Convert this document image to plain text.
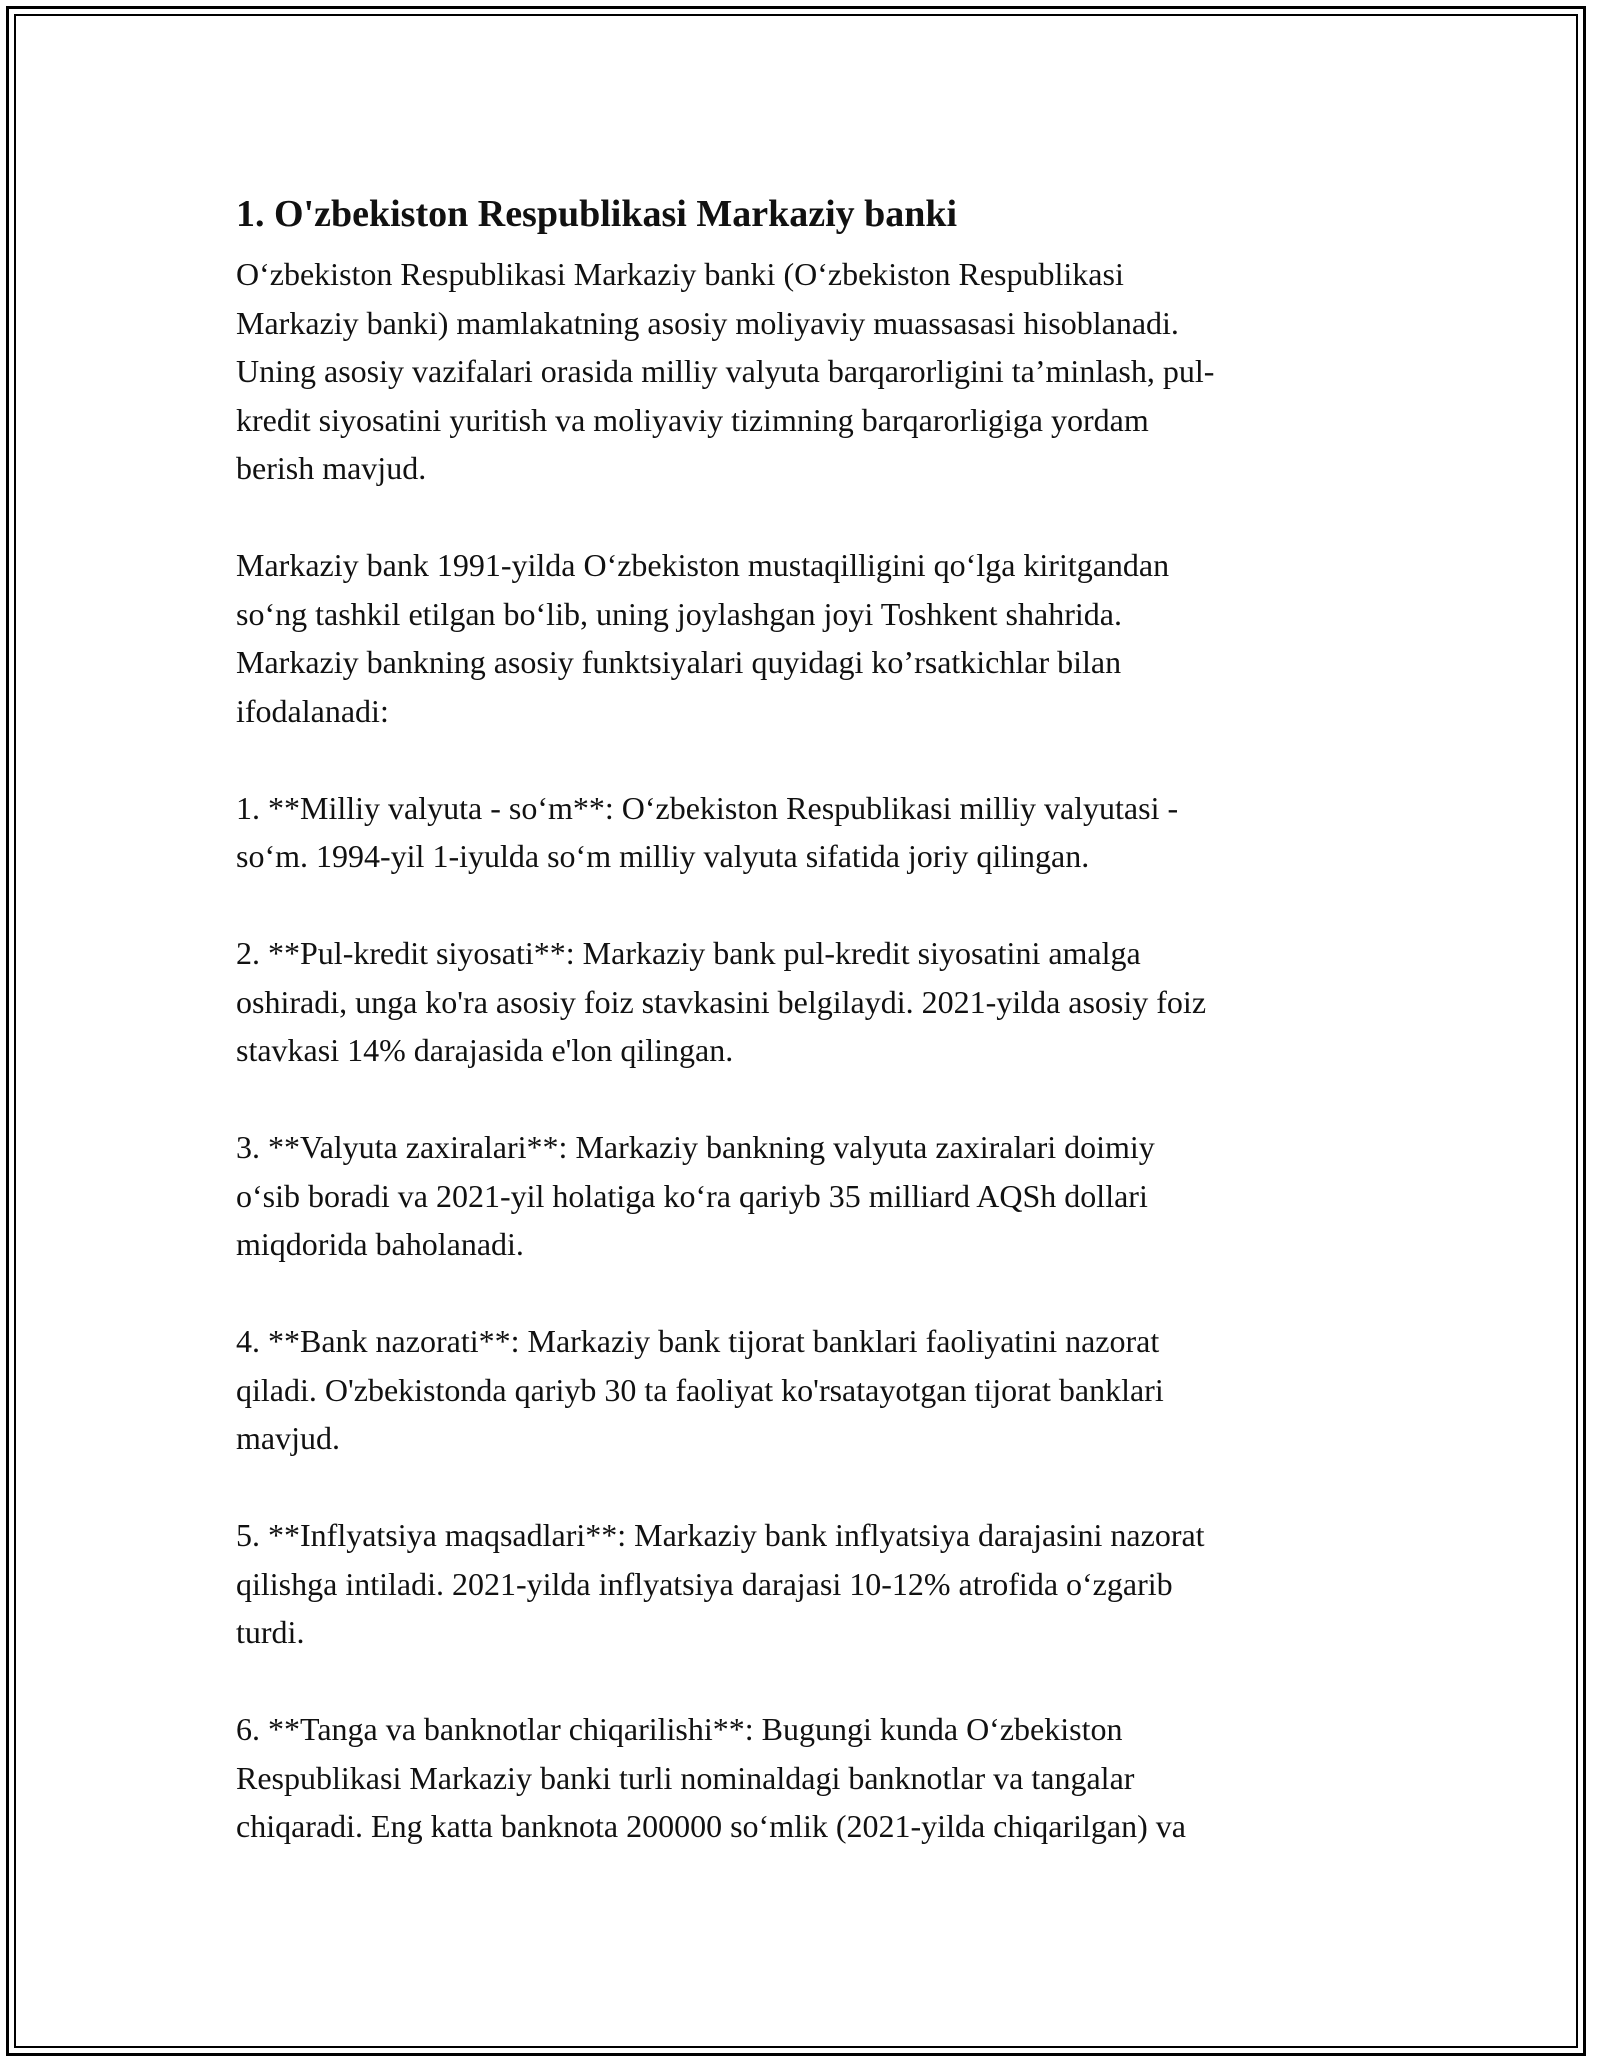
1. O'zbekiston Respublikasi Markaziy banki

O‘zbekiston Respublikasi Markaziy banki (O‘zbekiston Respublikasi
Markaziy banki) mamlakatning asosiy moliyaviy muassasasi hisoblanadi.
Uning asosiy vazifalari orasida milliy valyuta barqarorligini ta’minlash, pul-
kredit siyosatini yuritish va moliyaviy tizimning barqarorligiga yordam
berish mavjud.

Markaziy bank 1991-yilda O‘zbekiston mustaqilligini qo‘lga kiritgandan
so‘ng tashkil etilgan bo‘lib, uning joylashgan joyi Toshkent shahrida.
Markaziy bankning asosiy funktsiyalari quyidagi ko’rsatkichlar bilan
ifodalanadi:

1. **Milliy valyuta - so‘m**: O‘zbekiston Respublikasi milliy valyutasi -
so‘m. 1994-yil 1-iyulda so‘m milliy valyuta sifatida joriy qilingan.

2. **Pul-kredit siyosati**: Markaziy bank pul-kredit siyosatini amalga
oshiradi, unga ko'ra asosiy foiz stavkasini belgilaydi. 2021-yilda asosiy foiz
stavkasi 14% darajasida e'lon qilingan.

3. **Valyuta zaxiralari**: Markaziy bankning valyuta zaxiralari doimiy
o‘sib boradi va 2021-yil holatiga ko‘ra qariyb 35 milliard AQSh dollari
miqdorida baholanadi.

4. **Bank nazorati**: Markaziy bank tijorat banklari faoliyatini nazorat
qiladi. O'zbekistonda qariyb 30 ta faoliyat ko'rsatayotgan tijorat banklari
mavjud.

5. **Inflyatsiya maqsadlari**: Markaziy bank inflyatsiya darajasini nazorat
qilishga intiladi. 2021-yilda inflyatsiya darajasi 10-12% atrofida o‘zgarib
turdi.

6. **Tanga va banknotlar chiqarilishi**: Bugungi kunda O‘zbekiston
Respublikasi Markaziy banki turli nominaldagi banknotlar va tangalar
chiqaradi. Eng katta banknota 200000 so‘mlik (2021-yilda chiqarilgan) va
